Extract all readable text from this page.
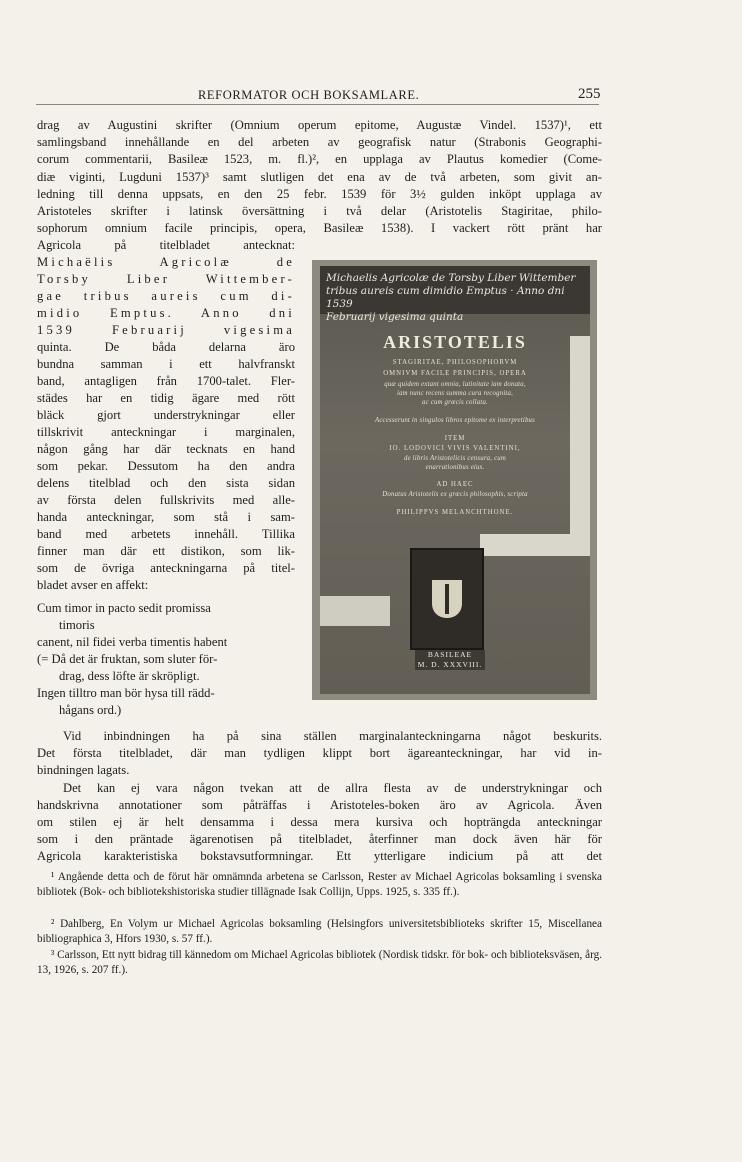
REFORMATOR OCH BOKSAMLARE.	255

drag av Augustini skrifter (Omnium operum epitome, Augustæ Vindel. 1537)¹, ett

samlingsband innehållande en del arbeten av geografisk natur (Strabonis Geographi-

corum commentarii, Basileæ 1523, m. fl.)², en upplaga av Plautus komedier (Come-

diæ viginti, Lugduni 1537)³ samt slutligen det ena av de två arbeten, som givit an-

ledning till denna uppsats, en den 25 febr. 1539 för 3½ gulden inköpt upplaga av

Aristoteles skrifter i latinsk översättning i två delar (Aristotelis Stagiritae, philo-

sophorum omnium facile principis, opera, Basileæ 1538). I vackert rött pränt har

Agricola på titelbladet antecknat:

Michaëlis Agricolæ de

Torsby Liber Wittember-

gae tribus aureis cum di-

midio Emptus. Anno dni

1539 Februarij vigesima

quinta. De båda delarna äro

bundna samman i ett halvfranskt

band, antagligen från 1700-talet. Fler-

städes har en tidig ägare med rött

bläck gjort understrykningar eller

tillskrivit anteckningar i marginalen,

någon gång har där tecknats en hand

som pekar. Dessutom ha den andra

delens titelblad och den sista sidan

av första delen fullskrivits med alle-

handa anteckningar, som stå i sam-

band med arbetets innehåll. Tillika

finner man där ett distikon, som lik-

som de övriga anteckningarna på titel-

bladet avser en affekt:

Cum timor in pacto sedit promissa

timoris

canent, nil fidei verba timentis habent

(= Då det är fruktan, som sluter för-

drag, dess löfte är skröpligt.

Ingen tilltro man bör hysa till rädd-

hågans ord.)

Michaelis Agricolæ de Torsby Liber Wittember
tribus aureis cum dimidio Emptus · Anno dni 1539
Februarij vigesima quinta
ARISTOTELIS
STAGIRITAE, PHILOSOPHORVM
OMNIVM FACILE PRINCIPIS, OPERA
quæ quidem extant omnia, latinitate iam donata,
iam nunc recens summa cura recognita,
ac cum græcis collata.
Accesserunt in singulos libros epitome ex interpretibus
ITEM
IO. LODOVICI VIVIS VALENTINI,
de libris Aristotelicis censura, cum
enarrationibus eius.
AD HAEC
Donatus Aristotelis ex græcis philosophis, scripta
PHILIPPVS MELANCHTHONE.
BASILEAE
M. D. XXXVIII.

Vid inbindningen ha på sina ställen marginalanteckningarna något beskurits.

Det första titelbladet, där man tydligen klippt bort ägareanteckningar, har vid in-

bindningen lagats.

Det kan ej vara någon tvekan att de allra flesta av de understrykningar och

handskrivna annotationer som påträffas i Aristoteles-boken äro av Agricola. Även

om stilen ej är helt densamma i dessa mera kursiva och hopträngda anteckningar

som i den präntade ägarenotisen på titelbladet, återfinner man dock även här för

Agricola karakteristiska bokstavsutformningar. Ett ytterligare indicium på att det

¹ Angående detta och de förut här omnämnda arbetena se Carlsson, Rester av Michael Agricolas boksamling i svenska bibliotek (Bok- och bibliotekshistoriska studier tillägnade Isak Collijn, Upps. 1925, s. 335 ff.).

² Dahlberg, En Volym ur Michael Agricolas boksamling (Helsingfors universitetsbiblioteks skrifter 15, Miscellanea bibliographica 3, Hfors 1930, s. 57 ff.).

³ Carlsson, Ett nytt bidrag till kännedom om Michael Agricolas bibliotek (Nordisk tidskr. för bok- och biblioteksväsen, årg. 13, 1926, s. 207 ff.).
